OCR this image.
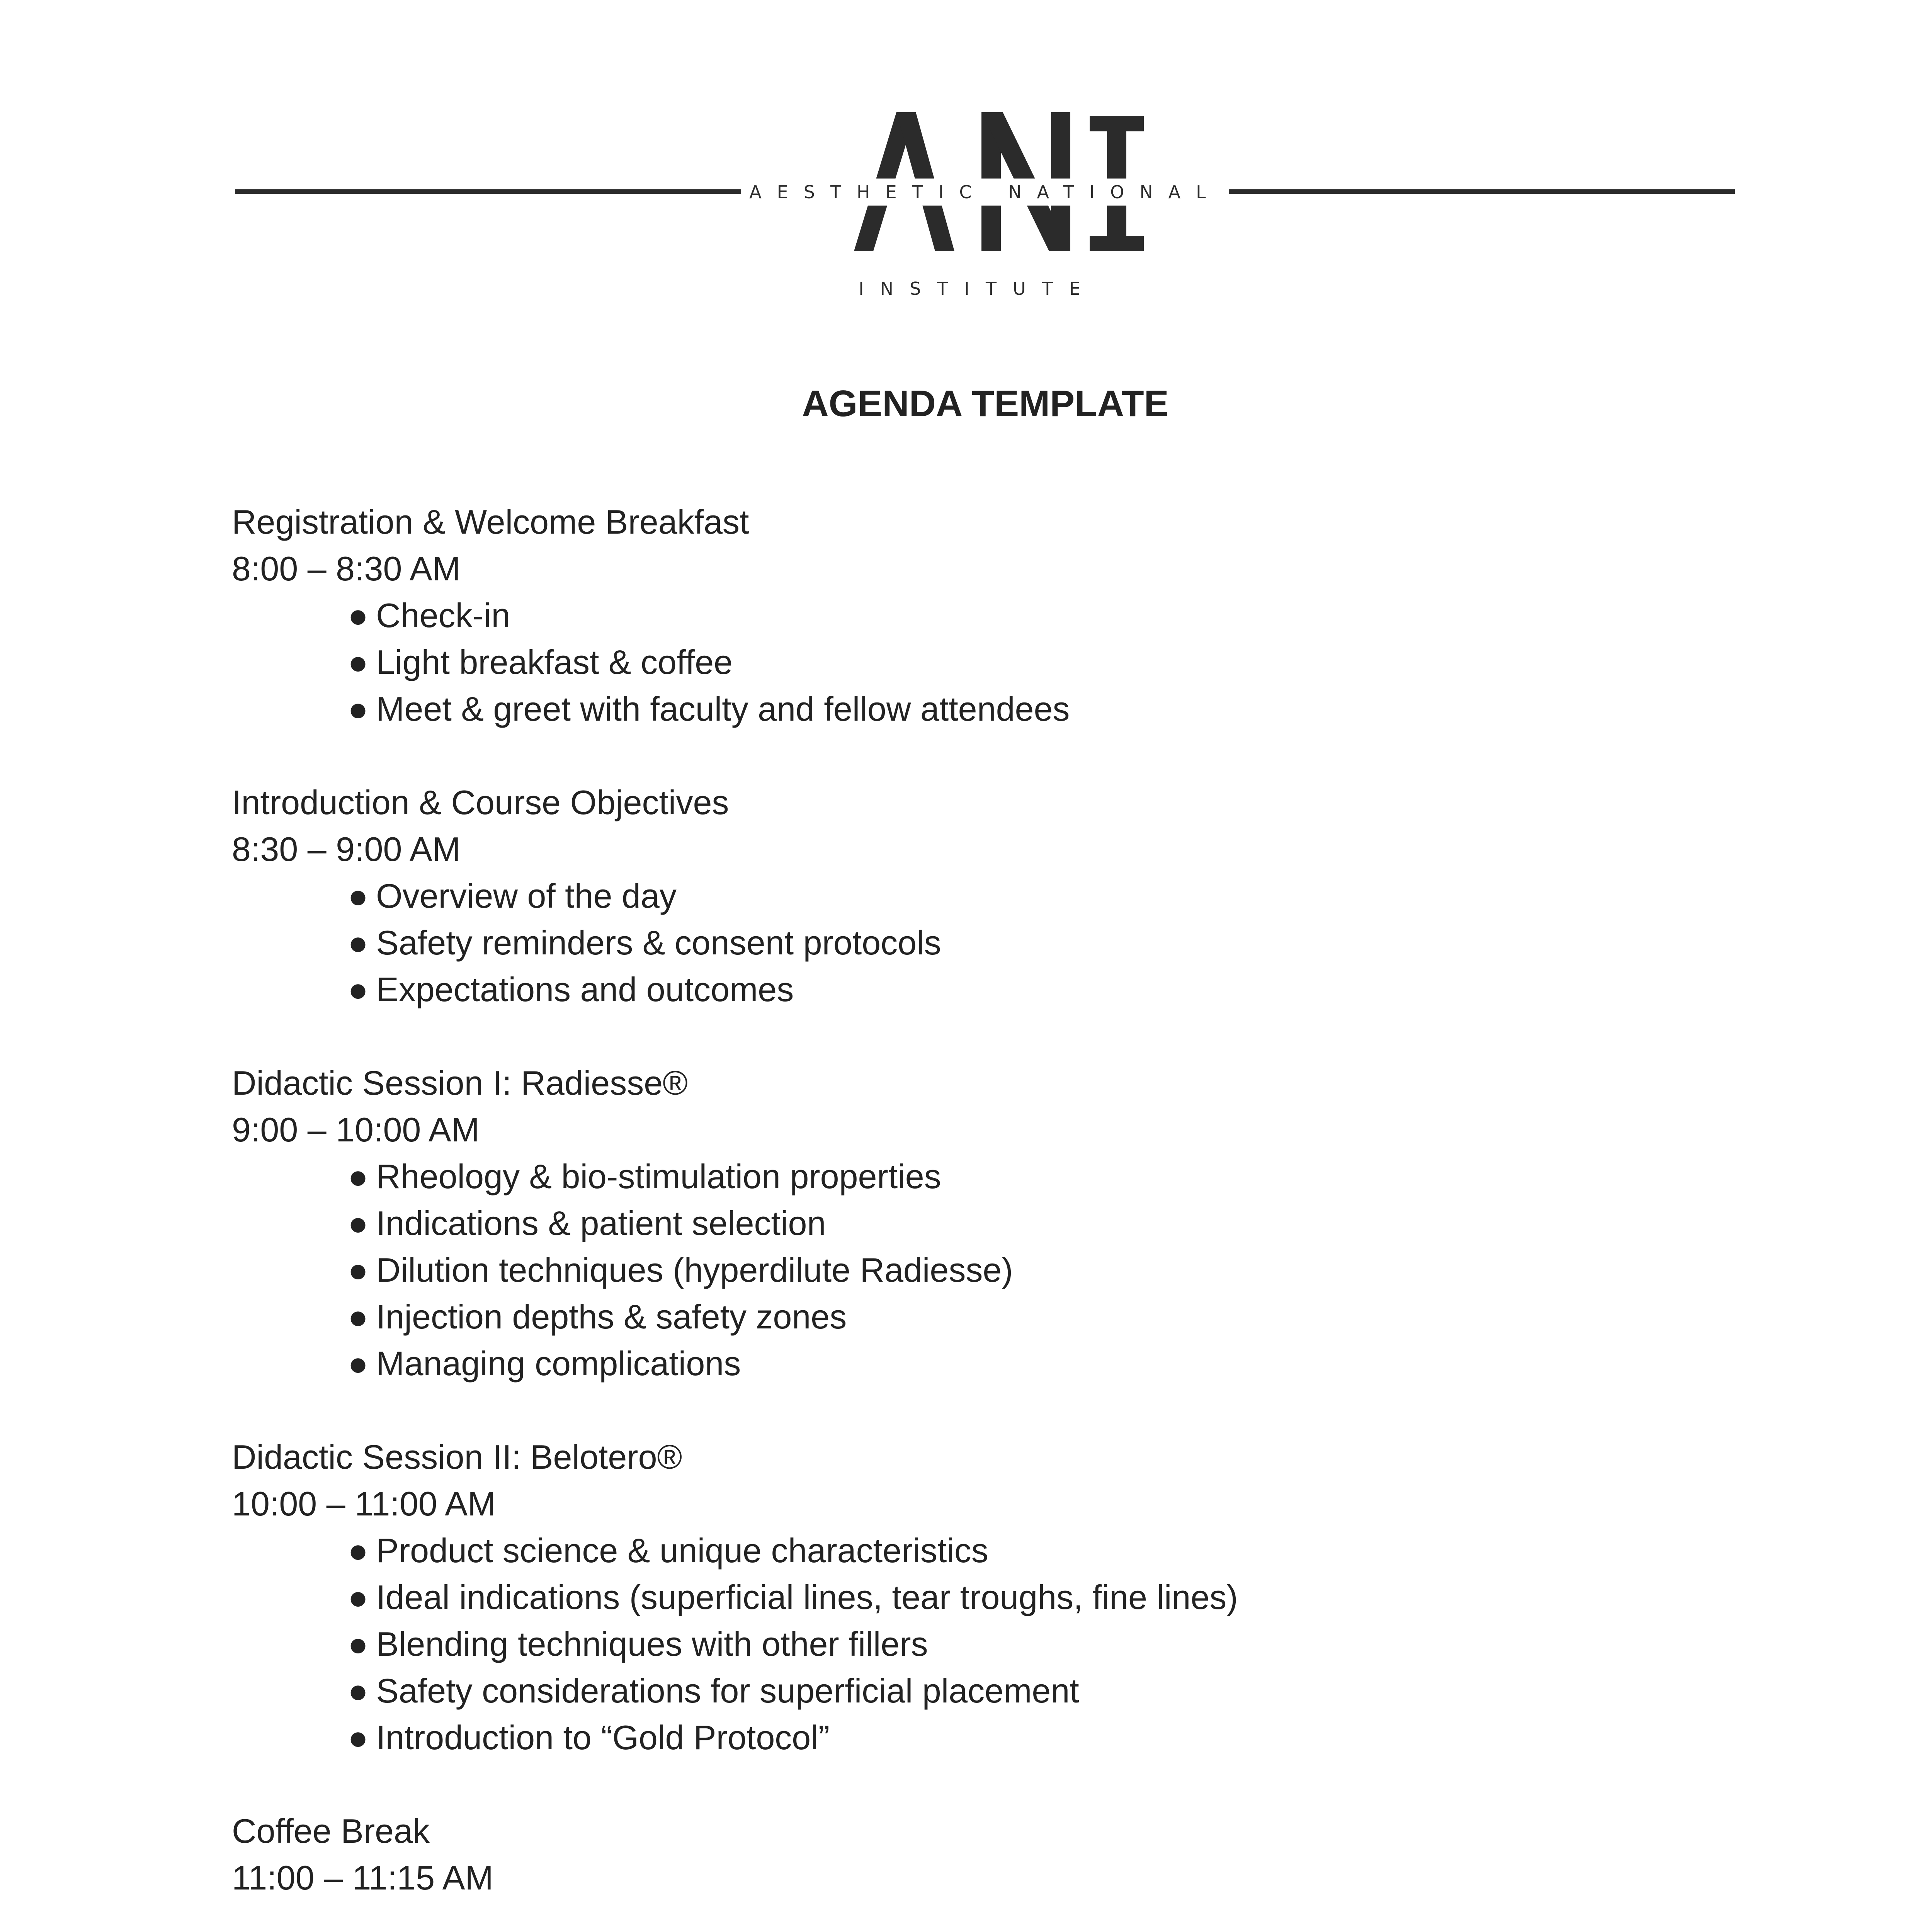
AESTHETIC NATIONAL
INSTITUTE
AGENDA TEMPLATE
Registration & Welcome Breakfast
8:00 – 8:30 AM
● Check-in
● Light breakfast & coffee
● Meet & greet with faculty and fellow attendees
Introduction & Course Objectives
8:30 – 9:00 AM
● Overview of the day
● Safety reminders & consent protocols
● Expectations and outcomes
Didactic Session I: Radiesse®
9:00 – 10:00 AM
● Rheology & bio-stimulation properties
● Indications & patient selection
● Dilution techniques (hyperdilute Radiesse)
● Injection depths & safety zones
● Managing complications
Didactic Session II: Belotero®
10:00 – 11:00 AM
● Product science & unique characteristics
● Ideal indications (superficial lines, tear troughs, fine lines)
● Blending techniques with other fillers
● Safety considerations for superficial placement
● Introduction to “Gold Protocol”
Coffee Break
11:00 – 11:15 AM
